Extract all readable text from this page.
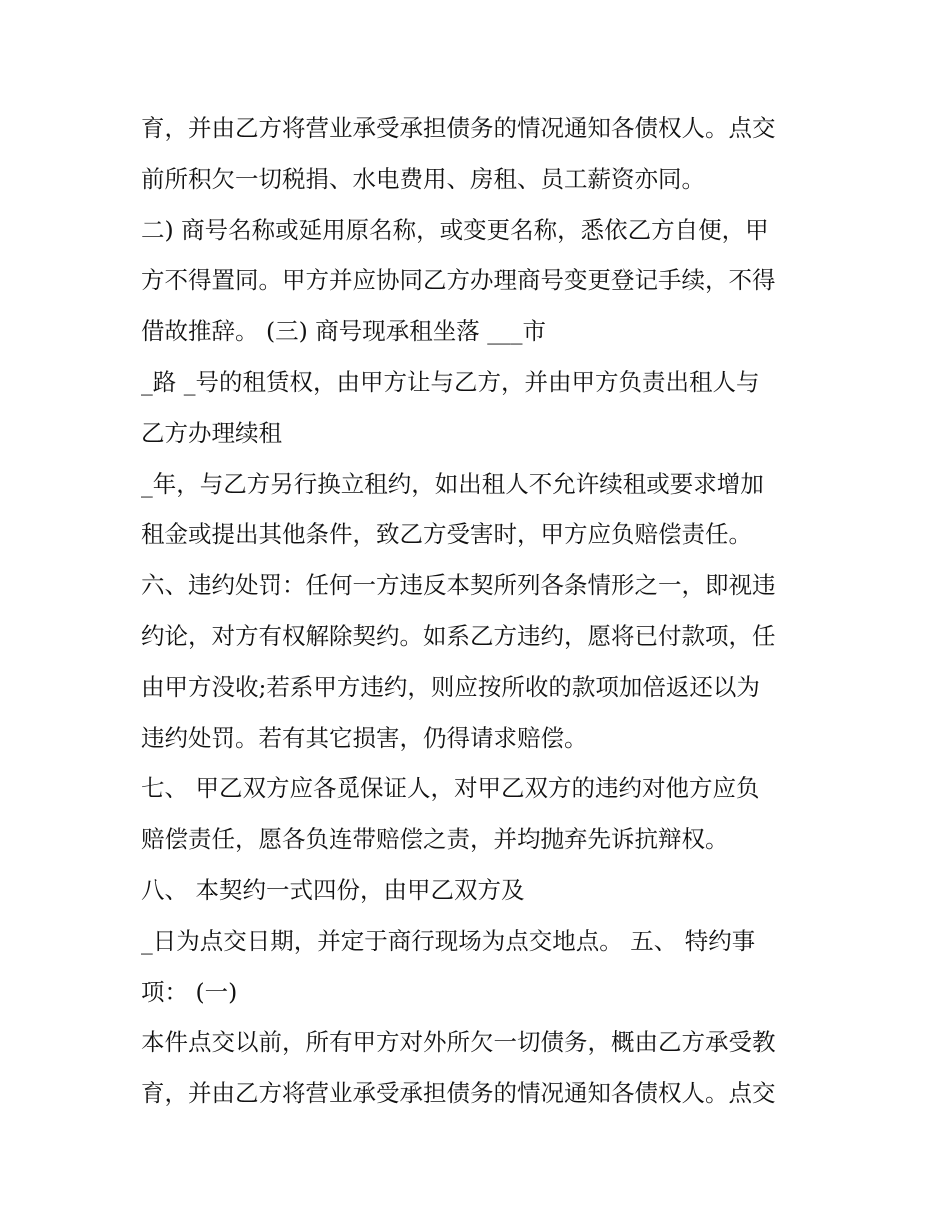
育，并由乙方将营业承受承担债务的情况通知各债权人。点交
前所积欠一切税捐、水电费用、房租、员工薪资亦同。
二) 商号名称或延用原名称，或变更名称，悉依乙方自便，甲
方不得置同。甲方并应协同乙方办理商号变更登记手续，不得
借故推辞。 (三) 商号现承租坐落 ___市
_路 _号的租赁权，由甲方让与乙方，并由甲方负责出租人与
乙方办理续租
_年，与乙方另行换立租约，如出租人不允许续租或要求增加
租金或提出其他条件，致乙方受害时，甲方应负赔偿责任。
六、违约处罚：任何一方违反本契所列各条情形之一，即视违
约论，对方有权解除契约。如系乙方违约，愿将已付款项，任
由甲方没收;若系甲方违约，则应按所收的款项加倍返还以为
违约处罚。若有其它损害，仍得请求赔偿。
七、 甲乙双方应各觅保证人，对甲乙双方的违约对他方应负
赔偿责任，愿各负连带赔偿之责，并均抛弃先诉抗辩权。
八、 本契约一式四份，由甲乙双方及
_日为点交日期，并定于商行现场为点交地点。 五、 特约事
项： (一)
本件点交以前，所有甲方对外所欠一切债务，概由乙方承受教
育，并由乙方将营业承受承担债务的情况通知各债权人。点交
